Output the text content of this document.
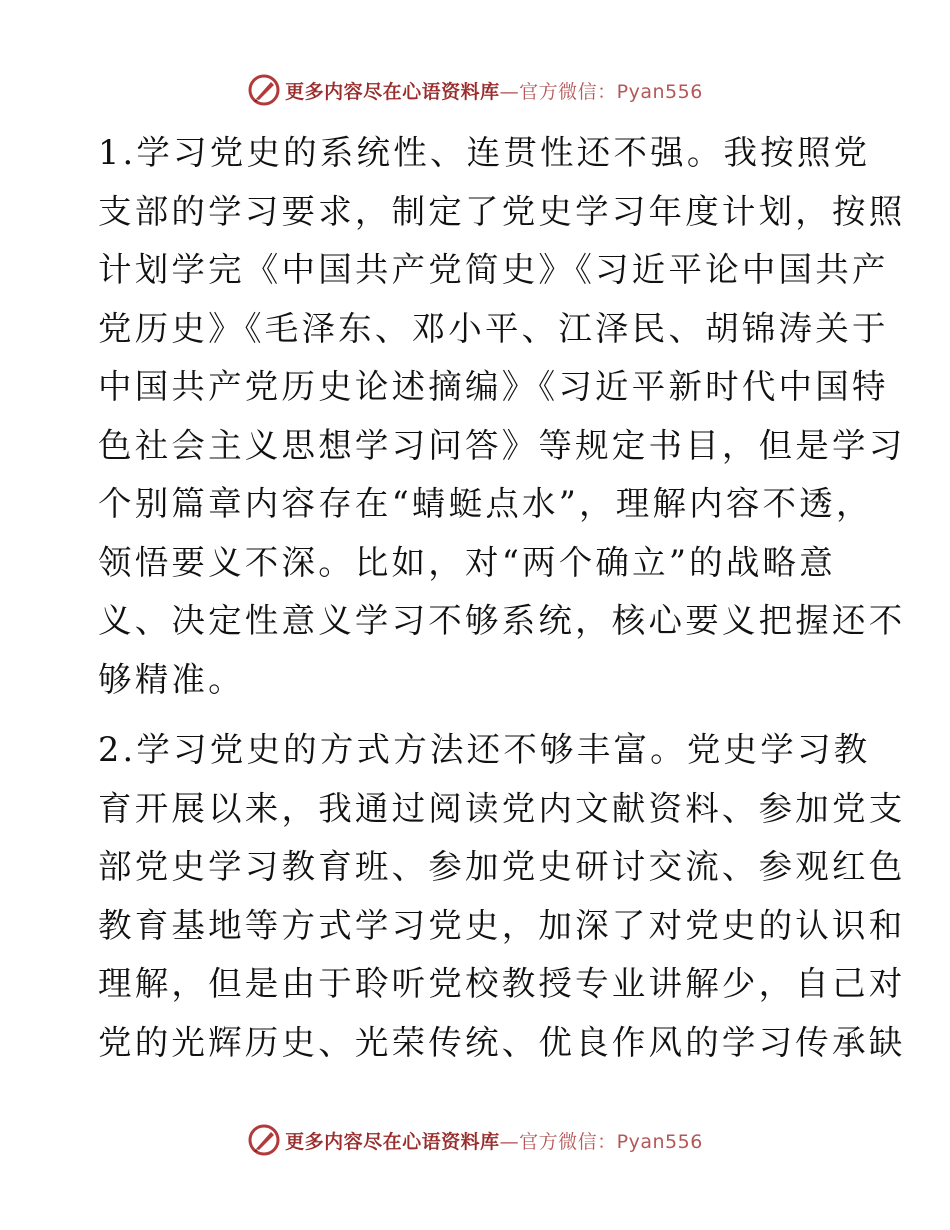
更多内容尽在心语资料库—官方微信：Pyan556

1.学习党史的系统性、连贯性还不强。我按照党
支部的学习要求，制定了党史学习年度计划，按照
计划学完《中国共产党简史》《习近平论中国共产
党历史》《毛泽东、邓小平、江泽民、胡锦涛关于
中国共产党历史论述摘编》《习近平新时代中国特
色社会主义思想学习问答》等规定书目，但是学习
个别篇章内容存在“蜻蜓点水”，理解内容不透，
领悟要义不深。比如，对“两个确立”的战略意
义、决定性意义学习不够系统，核心要义把握还不
够精准。

2.学习党史的方式方法还不够丰富。党史学习教
育开展以来，我通过阅读党内文献资料、参加党支
部党史学习教育班、参加党史研讨交流、参观红色
教育基地等方式学习党史，加深了对党史的认识和
理解，但是由于聆听党校教授专业讲解少，自己对
党的光辉历史、光荣传统、优良作风的学习传承缺

更多内容尽在心语资料库—官方微信：Pyan556
